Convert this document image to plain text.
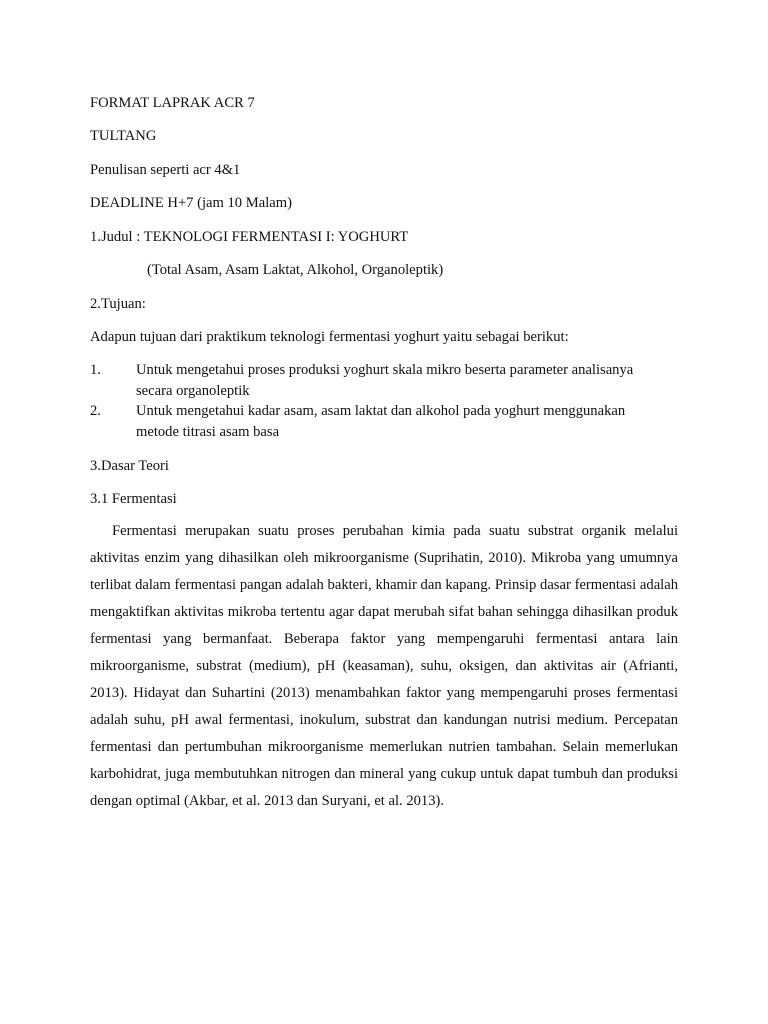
FORMAT LAPRAK ACR 7
TULTANG
Penulisan seperti acr 4&1
DEADLINE H+7 (jam 10 Malam)
1.Judul : TEKNOLOGI FERMENTASI I: YOGHURT
(Total Asam, Asam Laktat, Alkohol, Organoleptik)
2.Tujuan:
Adapun tujuan dari praktikum teknologi fermentasi yoghurt yaitu sebagai berikut:
1. Untuk mengetahui proses produksi yoghurt skala mikro beserta parameter analisanya secara organoleptik
2. Untuk mengetahui kadar asam, asam laktat dan alkohol pada yoghurt menggunakan metode titrasi asam basa
3.Dasar Teori
3.1 Fermentasi
Fermentasi merupakan suatu proses perubahan kimia pada suatu substrat organik melalui aktivitas enzim yang dihasilkan oleh mikroorganisme (Suprihatin, 2010). Mikroba yang umumnya terlibat dalam fermentasi pangan adalah bakteri, khamir dan kapang. Prinsip dasar fermentasi adalah mengaktifkan aktivitas mikroba tertentu agar dapat merubah sifat bahan sehingga dihasilkan produk fermentasi yang bermanfaat. Beberapa faktor yang mempengaruhi fermentasi antara lain mikroorganisme, substrat (medium), pH (keasaman), suhu, oksigen, dan aktivitas air (Afrianti, 2013). Hidayat dan Suhartini (2013) menambahkan faktor yang mempengaruhi proses fermentasi adalah suhu, pH awal fermentasi, inokulum, substrat dan kandungan nutrisi medium. Percepatan fermentasi dan pertumbuhan mikroorganisme memerlukan nutrien tambahan. Selain memerlukan karbohidrat, juga membutuhkan nitrogen dan mineral yang cukup untuk dapat tumbuh dan produksi dengan optimal (Akbar, et al. 2013 dan Suryani, et al. 2013).
